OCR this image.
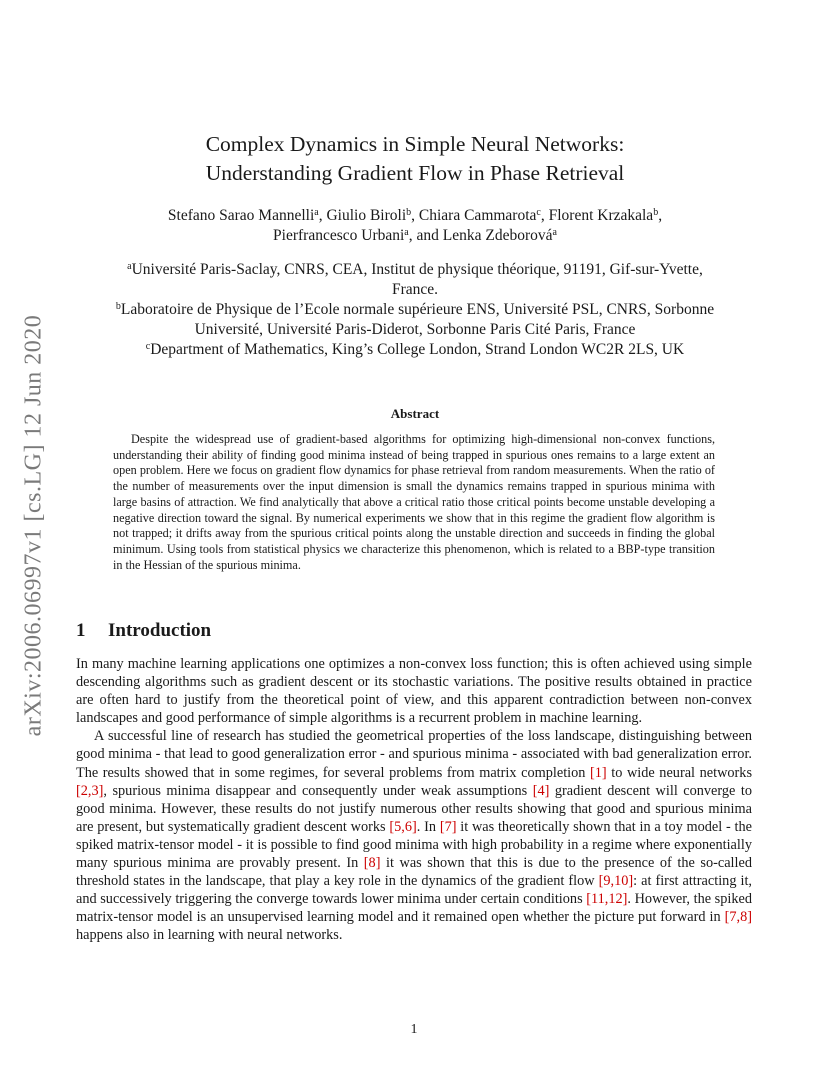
arXiv:2006.06997v1 [cs.LG] 12 Jun 2020
Complex Dynamics in Simple Neural Networks:
Understanding Gradient Flow in Phase Retrieval
Stefano Sarao Mannelli$^a$, Giulio Biroli$^b$, Chiara Cammarota$^c$, Florent Krzakala$^b$,
Pierfrancesco Urbani$^a$, and Lenka Zdeborová$^a$
$^a$Université Paris-Saclay, CNRS, CEA, Institut de physique théorique, 91191, Gif-sur-Yvette,
France.
$^b$Laboratoire de Physique de l’Ecole normale supérieure ENS, Université PSL, CNRS, Sorbonne
Université, Université Paris-Diderot, Sorbonne Paris Cité Paris, France
$^c$Department of Mathematics, King’s College London, Strand London WC2R 2LS, UK
Abstract

Despite the widespread use of gradient-based algorithms for optimizing high-dimensional non-convex functions, understanding their ability of finding good minima instead of being trapped in spurious ones remains to a large extent an open problem. Here we focus on gradient flow dynamics for phase retrieval from random measurements. When the ratio of the number of measurements over the input dimension is small the dynamics remains trapped in spurious minima with large basins of attraction. We find analytically that above a critical ratio those critical points become unstable developing a negative direction toward the signal. By numerical experiments we show that in this regime the gradient flow algorithm is not trapped; it drifts away from the spurious critical points along the unstable direction and succeeds in finding the global minimum. Using tools from statistical physics we characterize this phenomenon, which is related to a BBP-type transition in the Hessian of the spurious minima.

1 Introduction

In many machine learning applications one optimizes a non-convex loss function; this is often achieved using simple descending algorithms such as gradient descent or its stochastic variations. The positive results obtained in practice are often hard to justify from the theoretical point of view, and this apparent contradiction between non-convex landscapes and good performance of simple algorithms is a recurrent problem in machine learning.

A successful line of research has studied the geometrical properties of the loss landscape, distinguishing between good minima - that lead to good generalization error - and spurious minima - associated with bad generalization error. The results showed that in some regimes, for several problems from matrix completion [1] to wide neural networks [2,3], spurious minima disappear and consequently under weak assumptions [4] gradient descent will converge to good minima. However, these results do not justify numerous other results showing that good and spurious minima are present, but systematically gradient descent works [5,6]. In [7] it was theoretically shown that in a toy model - the spiked matrix-tensor model - it is possible to find good minima with high probability in a regime where exponentially many spurious minima are provably present. In [8] it was shown that this is due to the presence of the so-called threshold states in the landscape, that play a key role in the dynamics of the gradient flow [9,10]: at first attracting it, and successively triggering the converge towards lower minima under certain conditions [11,12]. However, the spiked matrix-tensor model is an unsupervised learning model and it remained open whether the picture put forward in [7,8] happens also in learning with neural networks.

1
